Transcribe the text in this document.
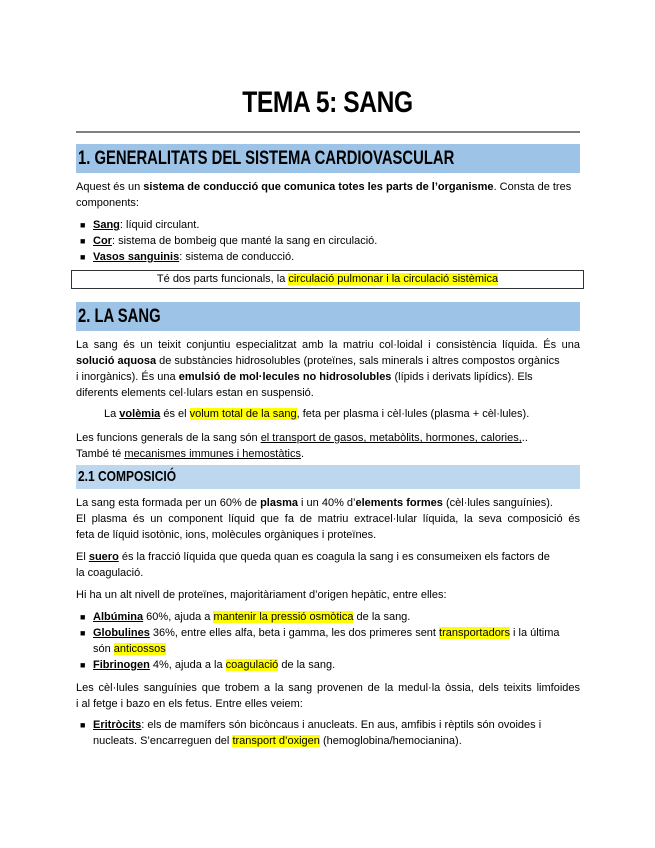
TEMA 5: SANG
1. GENERALITATS DEL SISTEMA CARDIOVASCULAR
Aquest és un sistema de conducció que comunica totes les parts de l’organisme. Consta de tres
components:
■ Sang: líquid circulant.
■ Cor: sistema de bombeig que manté la sang en circulació.
■ Vasos sanguinis: sistema de conducció.
Té dos parts funcionals, la circulació pulmonar i la circulació sistèmica
2. LA SANG
La sang és un teixit conjuntiu especialitzat amb la matriu col·loidal i consistència líquida. És una
solució aquosa de substàncies hidrosolubles (proteïnes, sals minerals i altres compostos orgànics
i inorgànics). És una emulsió de mol·lecules no hidrosolubles (lípids i derivats lipídics). Els
diferents elements cel·lulars estan en suspensió.
La volèmia és el volum total de la sang, feta per plasma i cèl·lules (plasma + cèl·lules).
Les funcions generals de la sang són el transport de gasos, metabòlits, hormones, calories,..
També té mecanismes immunes i hemostàtics.
2.1 COMPOSICIÓ
La sang esta formada per un 60% de plasma i un 40% d’elements formes (cèl·lules sanguínies).
El plasma és un component líquid que fa de matriu extracel·lular líquida, la seva composició és
feta de líquid isotònic, ions, molècules orgàniques i proteïnes.
El suero és la fracció líquida que queda quan es coagula la sang i es consumeixen els factors de
la coagulació.
Hi ha un alt nivell de proteïnes, majoritàriament d’origen hepàtic, entre elles:
■ Albúmina 60%, ajuda a mantenir la pressió osmòtica de la sang.
■ Globulines 36%, entre elles alfa, beta i gamma, les dos primeres sent transportadors i la última
són anticossos
■ Fibrinogen 4%, ajuda a la coagulació de la sang.
Les cèl·lules sanguínies que trobem a la sang provenen de la medul·la òssia, dels teixits limfoides
i al fetge i bazo en els fetus. Entre elles veiem:
■ Eritròcits: els de mamífers són bicòncaus i anucleats. En aus, amfibis i rèptils són ovoides i
nucleats. S’encarreguen del transport d’oxigen (hemoglobina/hemocianina).
